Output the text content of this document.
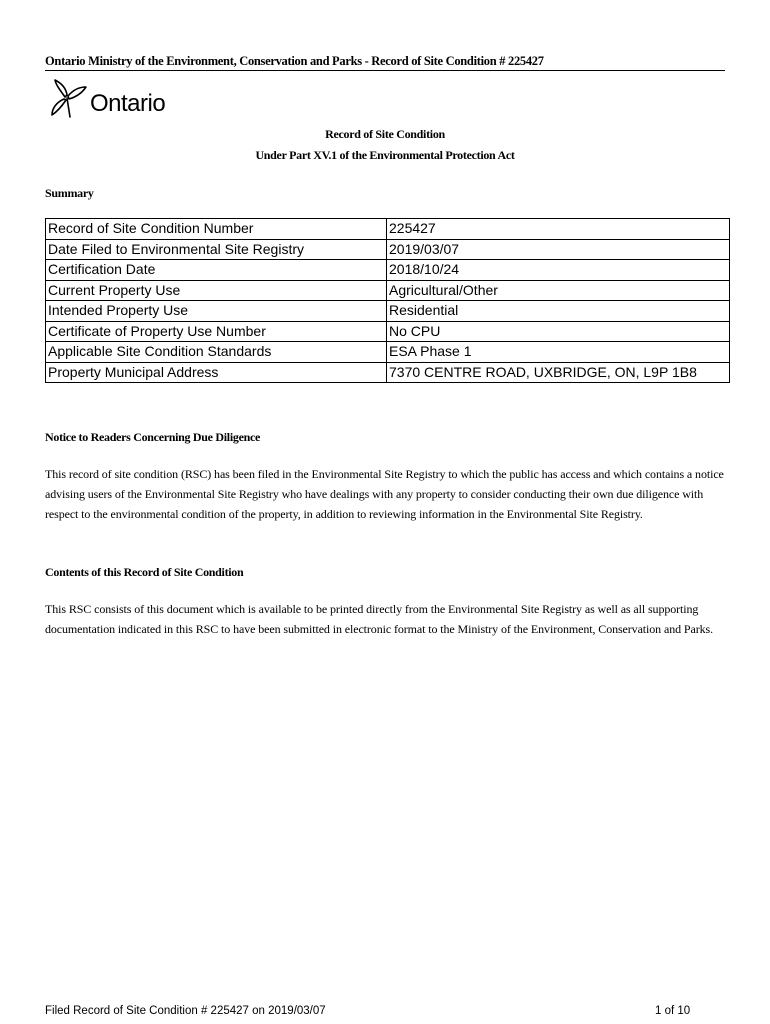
Ontario Ministry of the Environment, Conservation and Parks - Record of Site Condition # 225427
Ontario
Record of Site Condition
Under Part XV.1 of the Environmental Protection Act
Summary
Record of Site Condition Number	225427
Date Filed to Environmental Site Registry	2019/03/07
Certification Date	2018/10/24
Current Property Use	Agricultural/Other
Intended Property Use	Residential
Certificate of Property Use Number	No CPU
Applicable Site Condition Standards	ESA Phase 1
Property Municipal Address	7370 CENTRE ROAD, UXBRIDGE, ON, L9P 1B8
Notice to Readers Concerning Due Diligence
This record of site condition (RSC) has been filed in the Environmental Site Registry to which the public has access and which contains a notice advising users of the Environmental Site Registry who have dealings with any property to consider conducting their own due diligence with respect to the environmental condition of the property, in addition to reviewing information in the Environmental Site Registry.
Contents of this Record of Site Condition
This RSC consists of this document which is available to be printed directly from the Environmental Site Registry as well as all supporting documentation indicated in this RSC to have been submitted in electronic format to the Ministry of the Environment, Conservation and Parks.
Filed Record of Site Condition # 225427 on 2019/03/07	1 of 10
